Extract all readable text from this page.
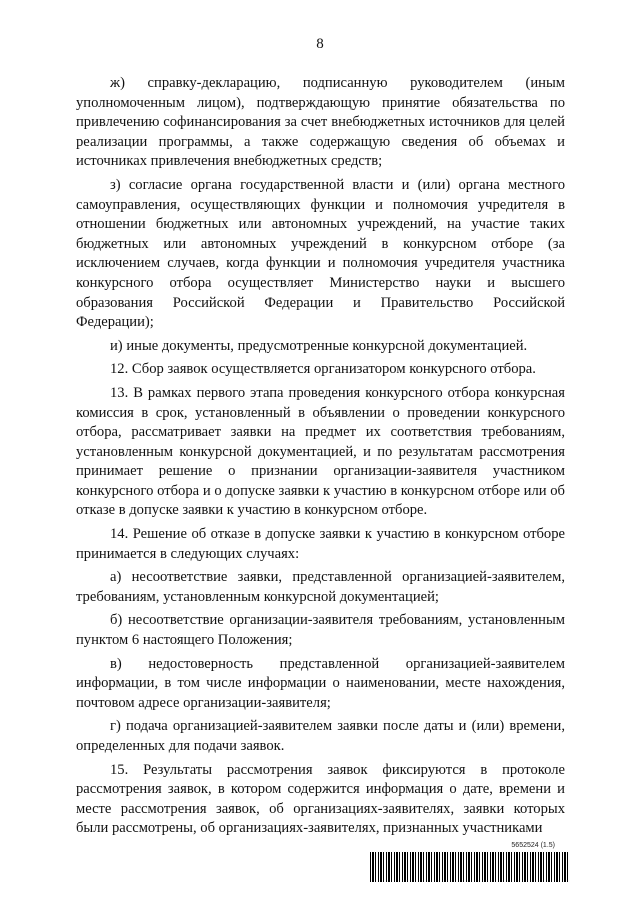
8

ж) справку-декларацию, подписанную руководителем (иным уполномоченным лицом), подтверждающую принятие обязательства по привлечению софинансирования за счет внебюджетных источников для целей реализации программы, а также содержащую сведения об объемах и источниках привлечения внебюджетных средств;

з) согласие органа государственной власти и (или) органа местного самоуправления, осуществляющих функции и полномочия учредителя в отношении бюджетных или автономных учреждений, на участие таких бюджетных или автономных учреждений в конкурсном отборе (за исключением случаев, когда функции и полномочия учредителя участника конкурсного отбора осуществляет Министерство науки и высшего образования Российской Федерации и Правительство Российской Федерации);

и) иные документы, предусмотренные конкурсной документацией.

12. Сбор заявок осуществляется организатором конкурсного отбора.

13. В рамках первого этапа проведения конкурсного отбора конкурсная комиссия в срок, установленный в объявлении о проведении конкурсного отбора, рассматривает заявки на предмет их соответствия требованиям, установленным конкурсной документацией, и по результатам рассмотрения принимает решение о признании организации-заявителя участником конкурсного отбора и о допуске заявки к участию в конкурсном отборе или об отказе в допуске заявки к участию в конкурсном отборе.

14. Решение об отказе в допуске заявки к участию в конкурсном отборе принимается в следующих случаях:

а) несоответствие заявки, представленной организацией-заявителем, требованиям, установленным конкурсной документацией;

б) несоответствие организации-заявителя требованиям, установленным пунктом 6 настоящего Положения;

в) недостоверность представленной организацией-заявителем информации, в том числе информации о наименовании, месте нахождения, почтовом адресе организации-заявителя;

г) подача организацией-заявителем заявки после даты и (или) времени, определенных для подачи заявок.

15. Результаты рассмотрения заявок фиксируются в протоколе рассмотрения заявок, в котором содержится информация о дате, времени и месте рассмотрения заявок, об организациях-заявителях, заявки которых были рассмотрены, об организациях-заявителях, признанных участниками

5652524 (1.5)
